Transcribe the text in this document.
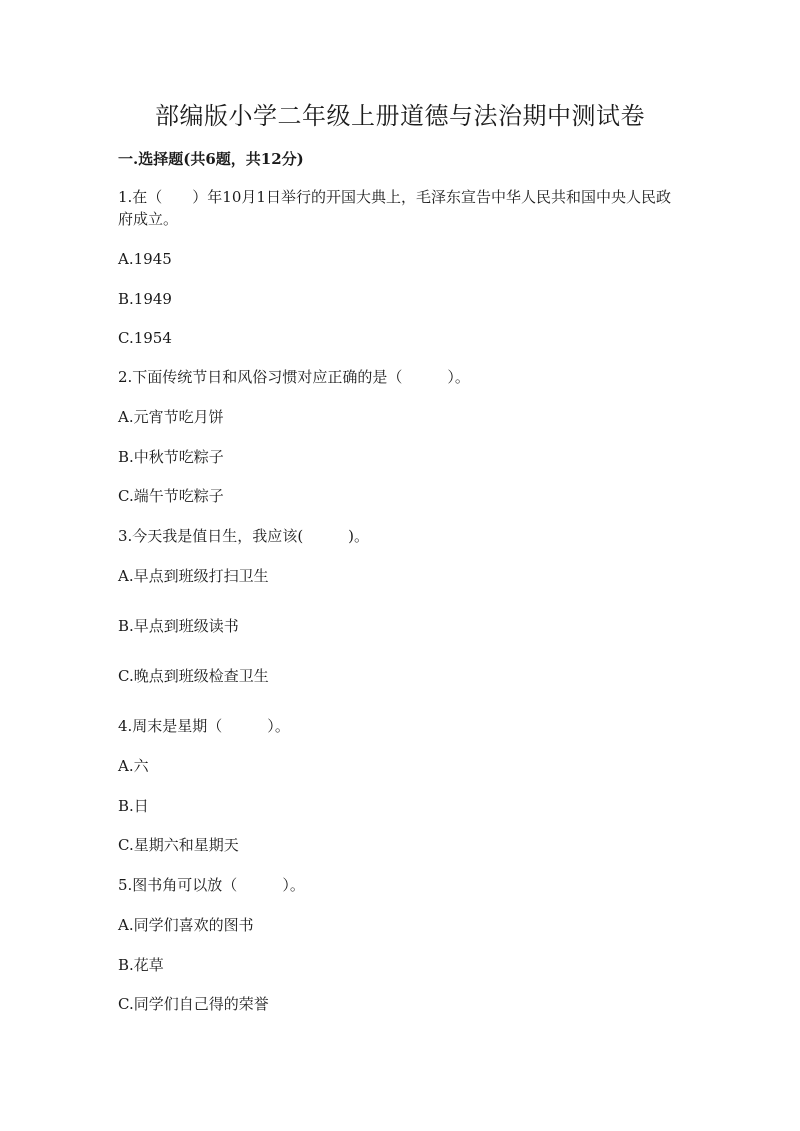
部编版小学二年级上册道德与法治期中测试卷
一.选择题(共6题，共12分)
1.在（　　）年10月1日举行的开国大典上，毛泽东宣告中华人民共和国中央人民政府成立。
A.1945
B.1949
C.1954
2.下面传统节日和风俗习惯对应正确的是（　　　）。
A.元宵节吃月饼
B.中秋节吃粽子
C.端午节吃粽子
3.今天我是值日生，我应该(　　　)。
A.早点到班级打扫卫生
B.早点到班级读书
C.晚点到班级检查卫生
4.周末是星期（　　　）。
A.六
B.日
C.星期六和星期天
5.图书角可以放（　　　）。
A.同学们喜欢的图书
B.花草
C.同学们自己得的荣誉
